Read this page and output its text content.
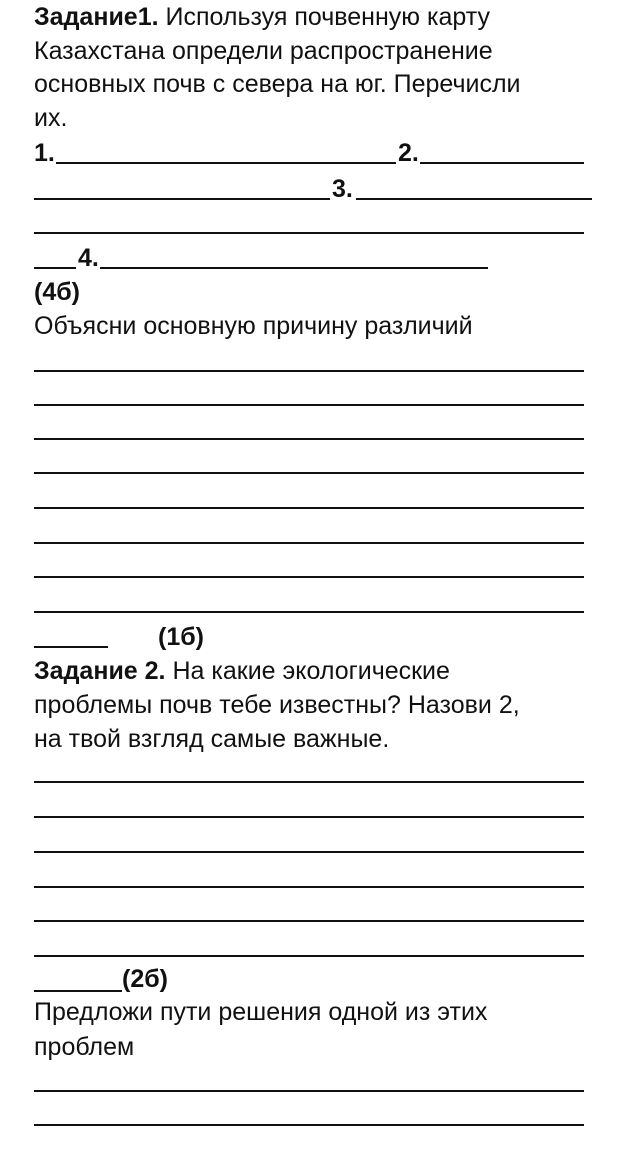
Задание1. Используя почвенную карту
Казахстана определи распространение
основных почв с севера на юг. Перечисли
их.
1.	2.
3.
4.
(4б)
Объясни основную причину различий
(1б)
Задание 2. На какие экологические
проблемы почв тебе известны? Назови 2,
на твой взгляд самые важные.
(2б)
Предложи пути решения одной из этих
проблем
